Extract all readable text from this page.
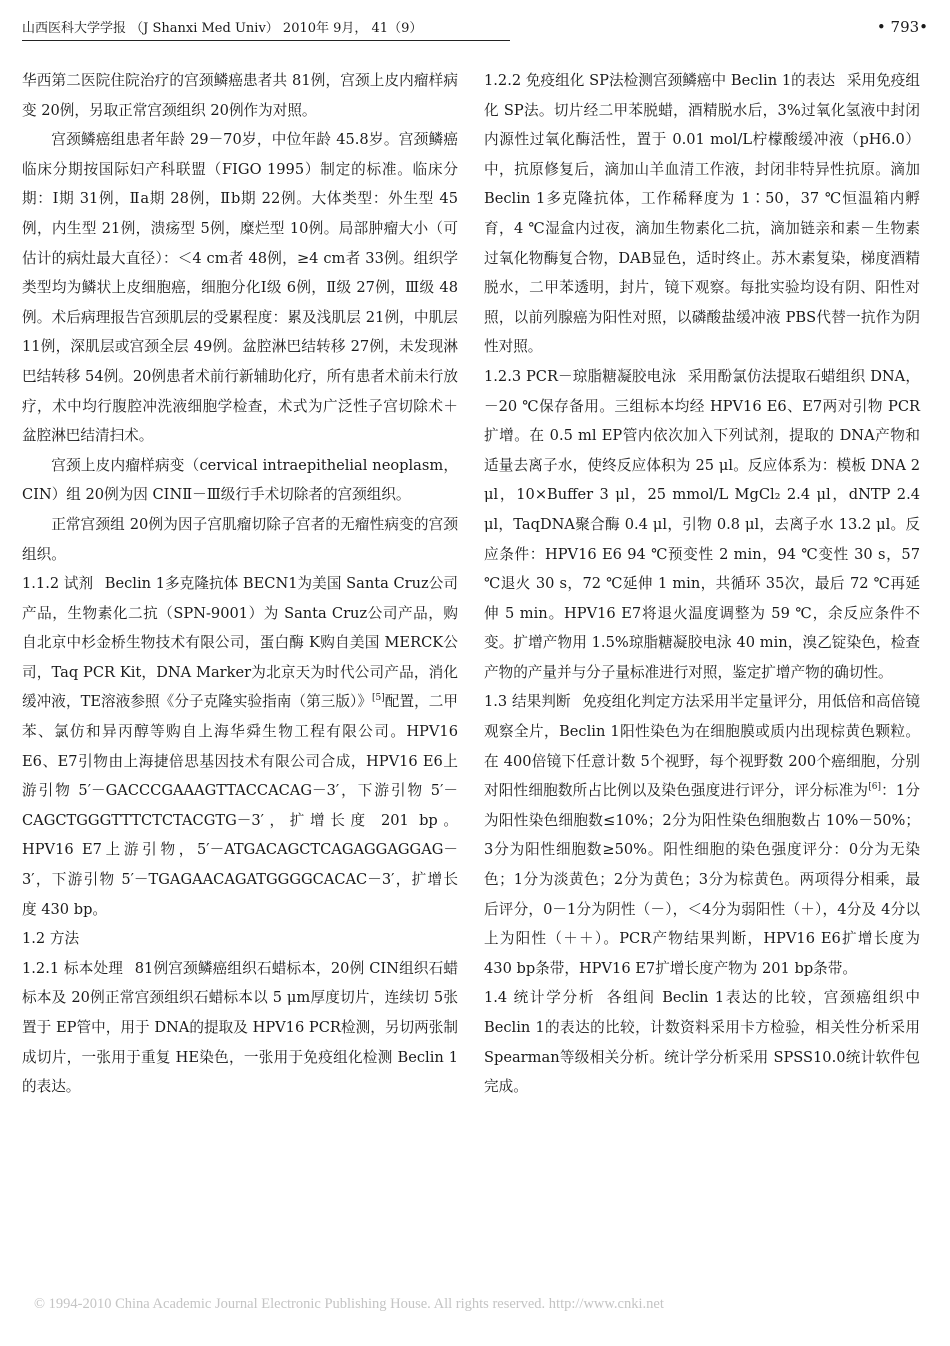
山西医科大学学报 （J Shanxi Med Univ） 2010年 9月， 41（9）	• 793•

华西第二医院住院治疗的宫颈鳞癌患者共 81例，宫颈上皮内瘤样病变 20例，另取正常宫颈组织 20例作为对照。

宫颈鳞癌组患者年龄 29－70岁，中位年龄 45.8岁。宫颈鳞癌临床分期按国际妇产科联盟（FIGO 1995）制定的标准。临床分期：Ⅰ期 31例，Ⅱa期 28例，Ⅱb期 22例。大体类型：外生型 45例，内生型 21例，溃疡型 5例，糜烂型 10例。局部肿瘤大小（可估计的病灶最大直径）：＜4 cm者 48例，≥4 cm者 33例。组织学类型均为鳞状上皮细胞癌，细胞分化Ⅰ级 6例，Ⅱ级 27例，Ⅲ级 48例。术后病理报告宫颈肌层的受累程度：累及浅肌层 21例，中肌层 11例，深肌层或宫颈全层 49例。盆腔淋巴结转移 27例，未发现淋巴结转移 54例。20例患者术前行新辅助化疗，所有患者术前未行放疗，术中均行腹腔冲洗液细胞学检查，术式为广泛性子宫切除术＋盆腔淋巴结清扫术。

宫颈上皮内瘤样病变（cervical intraepithelial neoplasm，CIN）组 20例为因 CINⅡ－Ⅲ级行手术切除者的宫颈组织。

正常宫颈组 20例为因子宫肌瘤切除子宫者的无瘤性病变的宫颈组织。

1.1.2 试剂 Beclin 1多克隆抗体 BECN1为美国 Santa Cruz公司产品，生物素化二抗（SPN-9001）为 Santa Cruz公司产品，购自北京中杉金桥生物技术有限公司，蛋白酶 K购自美国 MERCK公司，Taq PCR Kit，DNA Marker为北京天为时代公司产品，消化缓冲液，TE溶液参照《分子克隆实验指南（第三版）》[5]配置，二甲苯、氯仿和异丙醇等购自上海华舜生物工程有限公司。HPV16 E6、E7引物由上海捷倍思基因技术有限公司合成，HPV16 E6上游引物 5′－GACCCGAAAGTTACCACAG－3′，下游引物 5′－CAGCTGGGTTTCTCTACGTG－3′，扩增长度 201 bp。HPV16 E7上游引物，5′－ATGACAGCTCAGAGGAGGAG－3′，下游引物 5′－TGAGAACAGATGGGGCACAC－3′，扩增长度 430 bp。

1.2 方法

1.2.1 标本处理 81例宫颈鳞癌组织石蜡标本，20例 CIN组织石蜡标本及 20例正常宫颈组织石蜡标本以 5 μm厚度切片，连续切 5张置于 EP管中，用于 DNA的提取及 HPV16 PCR检测，另切两张制成切片，一张用于重复 HE染色，一张用于免疫组化检测 Beclin 1的表达。

1.2.2 免疫组化 SP法检测宫颈鳞癌中 Beclin 1的表达 采用免疫组化 SP法。切片经二甲苯脱蜡，酒精脱水后，3%过氧化氢液中封闭内源性过氧化酶活性，置于 0.01 mol/L柠檬酸缓冲液（pH6.0）中，抗原修复后，滴加山羊血清工作液，封闭非特异性抗原。滴加 Beclin 1多克隆抗体，工作稀释度为 1∶50，37 ℃恒温箱内孵育，4 ℃湿盒内过夜，滴加生物素化二抗，滴加链亲和素－生物素过氧化物酶复合物，DAB显色，适时终止。苏木素复染，梯度酒精脱水，二甲苯透明，封片，镜下观察。每批实验均设有阴、阳性对照，以前列腺癌为阳性对照，以磷酸盐缓冲液 PBS代替一抗作为阴性对照。

1.2.3 PCR－琼脂糖凝胶电泳 采用酚氯仿法提取石蜡组织 DNA，－20 ℃保存备用。三组标本均经 HPV16 E6、E7两对引物 PCR扩增。在 0.5 ml EP管内依次加入下列试剂，提取的 DNA产物和适量去离子水，使终反应体积为 25 μl。反应体系为：模板 DNA 2 μl，10×Buffer 3 μl，25 mmol/L MgCl₂ 2.4 μl，dNTP 2.4 μl，TaqDNA聚合酶 0.4 μl，引物 0.8 μl，去离子水 13.2 μl。反应条件：HPV16 E6 94 ℃预变性 2 min，94 ℃变性 30 s，57 ℃退火 30 s，72 ℃延伸 1 min，共循环 35次，最后 72 ℃再延伸 5 min。HPV16 E7将退火温度调整为 59 ℃，余反应条件不变。扩增产物用 1.5%琼脂糖凝胶电泳 40 min，溴乙锭染色，检查产物的产量并与分子量标准进行对照，鉴定扩增产物的确切性。

1.3 结果判断 免疫组化判定方法采用半定量评分，用低倍和高倍镜观察全片，Beclin 1阳性染色为在细胞膜或质内出现棕黄色颗粒。在 400倍镜下任意计数 5个视野，每个视野数 200个癌细胞，分别对阳性细胞数所占比例以及染色强度进行评分，评分标准为[6]：1分为阳性染色细胞数≤10%；2分为阳性染色细胞数占 10%－50%；3分为阳性细胞数≥50%。阳性细胞的染色强度评分：0分为无染色；1分为淡黄色；2分为黄色；3分为棕黄色。两项得分相乘，最后评分，0－1分为阴性（－），＜4分为弱阳性（＋），4分及 4分以上为阳性（＋＋）。PCR产物结果判断，HPV16 E6扩增长度为 430 bp条带，HPV16 E7扩增长度产物为 201 bp条带。

1.4 统计学分析 各组间 Beclin 1表达的比较，宫颈癌组织中 Beclin 1的表达的比较，计数资料采用卡方检验，相关性分析采用 Spearman等级相关分析。统计学分析采用 SPSS10.0统计软件包完成。

© 1994-2010 China Academic Journal Electronic Publishing House. All rights reserved. http://www.cnki.net
